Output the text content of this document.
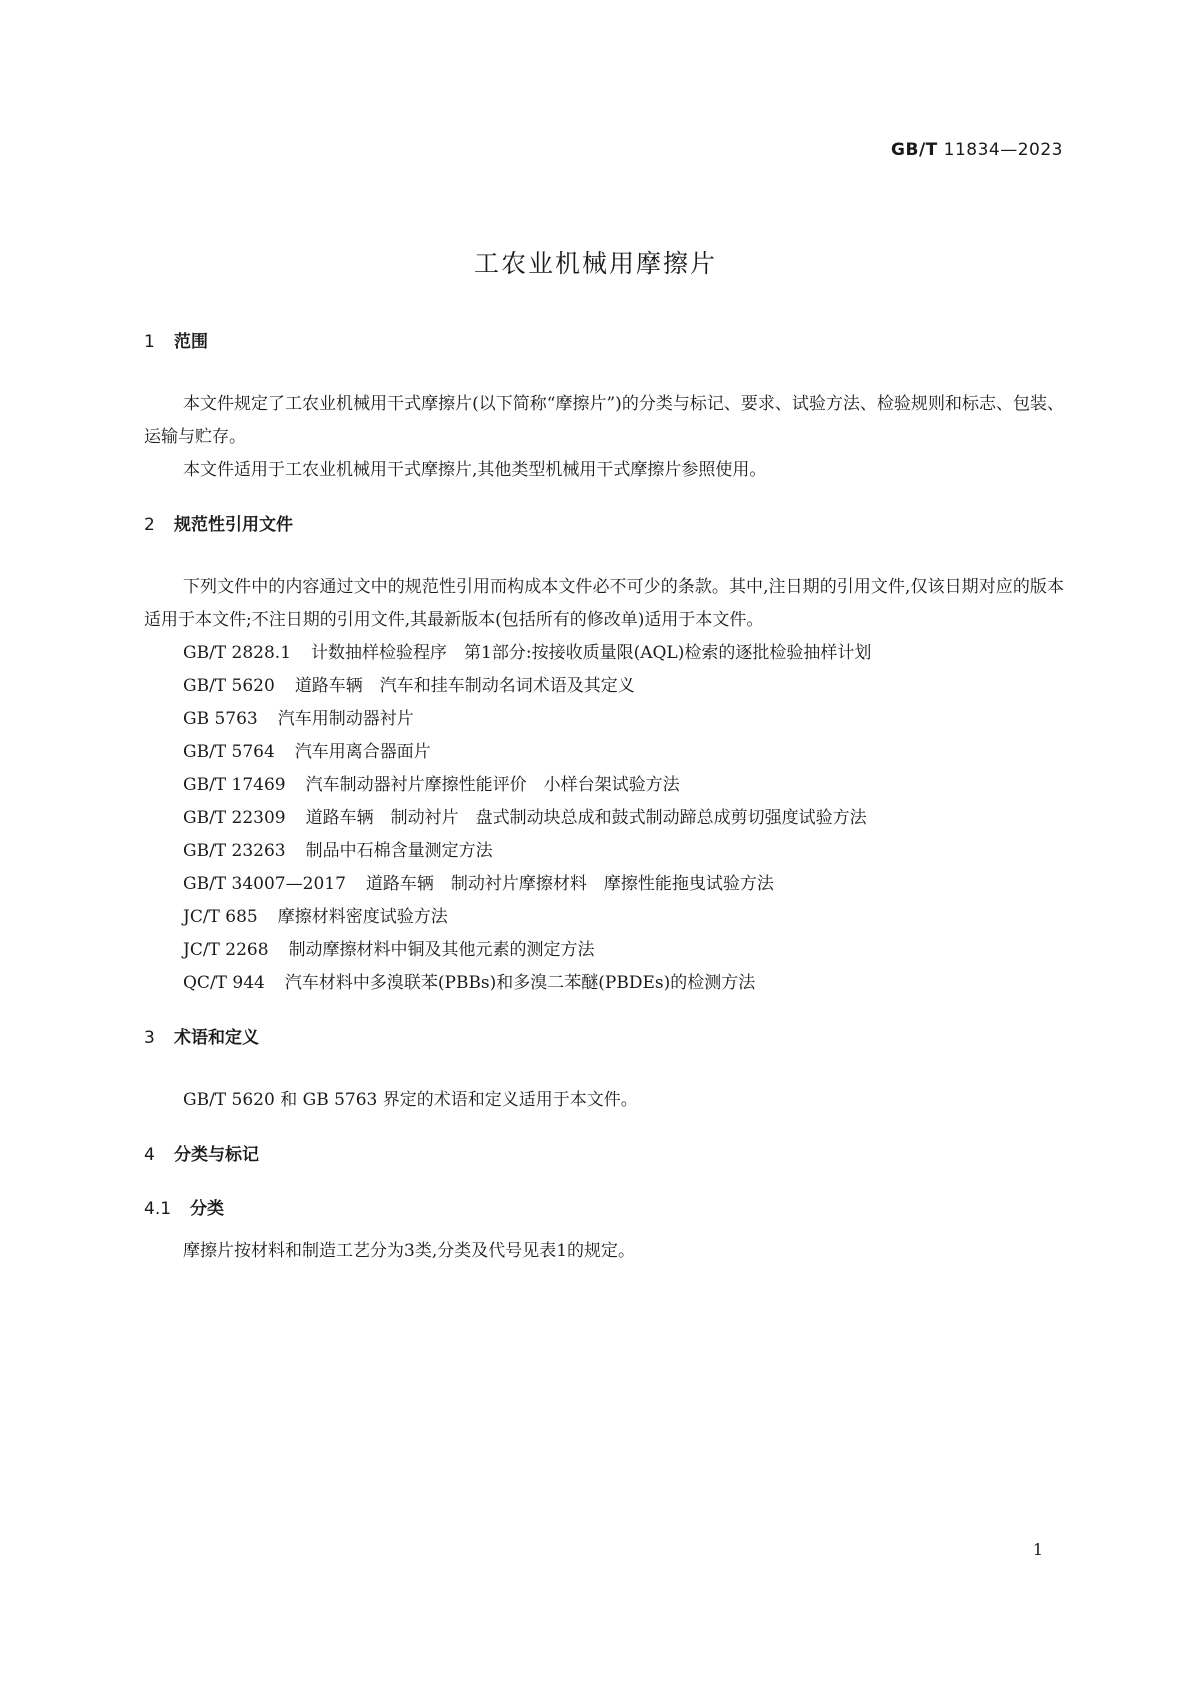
GB/T 11834—2023
工农业机械用摩擦片
1 范围

本文件规定了工农业机械用干式摩擦片(以下简称“摩擦片”)的分类与标记、要求、试验方法、检验规则和标志、包装、运输与贮存。

本文件适用于工农业机械用干式摩擦片,其他类型机械用干式摩擦片参照使用。

2 规范性引用文件

下列文件中的内容通过文中的规范性引用而构成本文件必不可少的条款。其中,注日期的引用文件,仅该日期对应的版本适用于本文件;不注日期的引用文件,其最新版本(包括所有的修改单)适用于本文件。

GB/T 2828.1 计数抽样检验程序　第1部分:按接收质量限(AQL)检索的逐批检验抽样计划
GB/T 5620 道路车辆　汽车和挂车制动名词术语及其定义
GB 5763 汽车用制动器衬片
GB/T 5764 汽车用离合器面片
GB/T 17469 汽车制动器衬片摩擦性能评价　小样台架试验方法
GB/T 22309 道路车辆　制动衬片　盘式制动块总成和鼓式制动蹄总成剪切强度试验方法
GB/T 23263 制品中石棉含量测定方法
GB/T 34007—2017 道路车辆　制动衬片摩擦材料　摩擦性能拖曳试验方法
JC/T 685 摩擦材料密度试验方法
JC/T 2268 制动摩擦材料中铜及其他元素的测定方法
QC/T 944 汽车材料中多溴联苯(PBBs)和多溴二苯醚(PBDEs)的检测方法
3 术语和定义

GB/T 5620 和 GB 5763 界定的术语和定义适用于本文件。

4 分类与标记
4.1 分类

摩擦片按材料和制造工艺分为3类,分类及代号见表1的规定。

1
